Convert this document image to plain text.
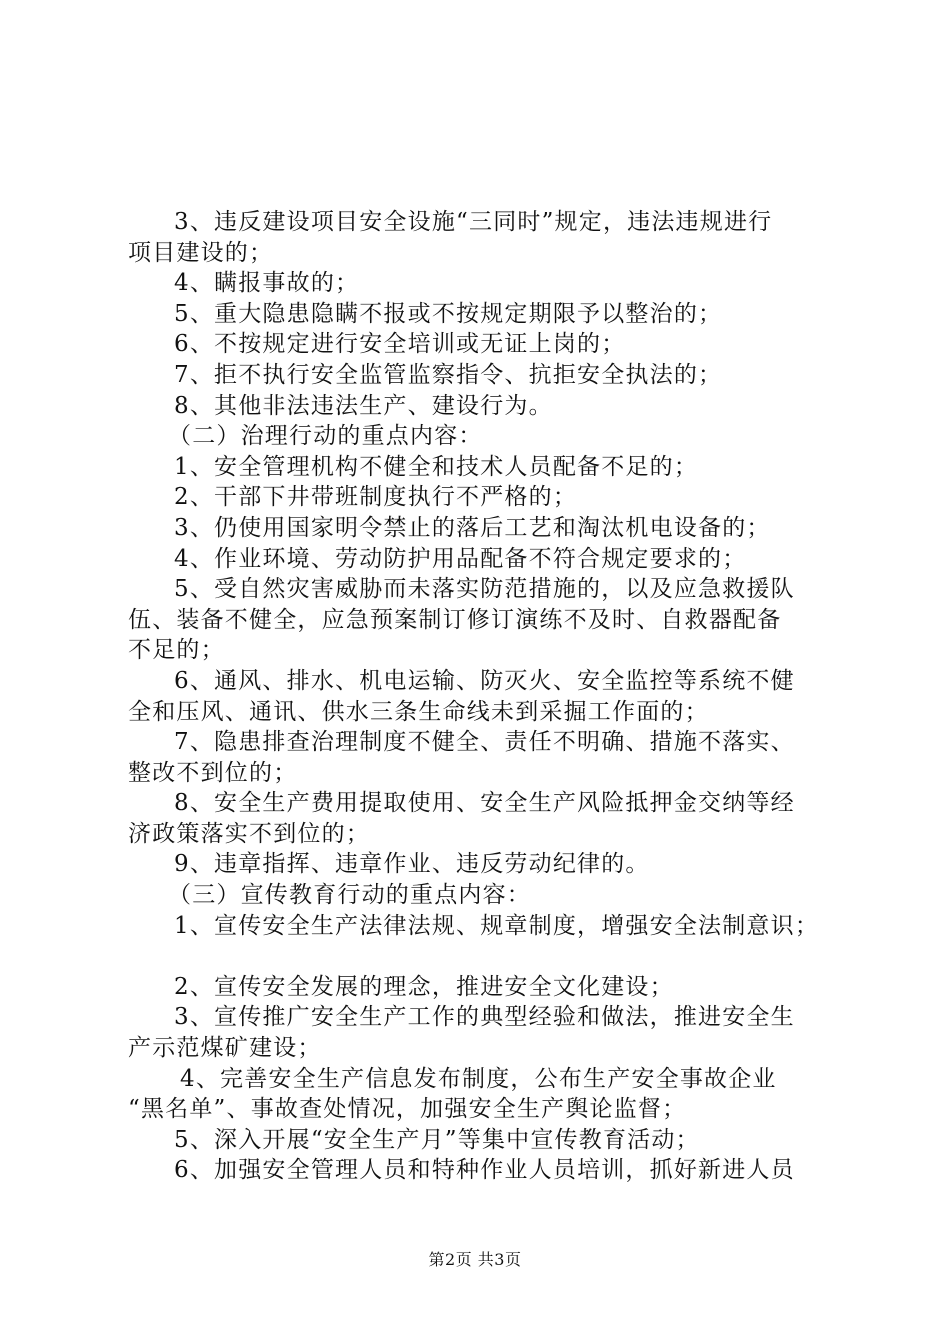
3、违反建设项目安全设施“三同时”规定，违法违规进行
项目建设的；

4、瞒报事故的；

5、重大隐患隐瞒不报或不按规定期限予以整治的；

6、不按规定进行安全培训或无证上岗的；

7、拒不执行安全监管监察指令、抗拒安全执法的；

8、其他非法违法生产、建设行为。

（二）治理行动的重点内容：

1、安全管理机构不健全和技术人员配备不足的；

2、干部下井带班制度执行不严格的；

3、仍使用国家明令禁止的落后工艺和淘汰机电设备的；

4、作业环境、劳动防护用品配备不符合规定要求的；

5、受自然灾害威胁而未落实防范措施的，以及应急救援队
伍、装备不健全，应急预案制订修订演练不及时、自救器配备
不足的；

6、通风、排水、机电运输、防灭火、安全监控等系统不健
全和压风、通讯、供水三条生命线未到采掘工作面的；

7、隐患排查治理制度不健全、责任不明确、措施不落实、
整改不到位的；

8、安全生产费用提取使用、安全生产风险抵押金交纳等经
济政策落实不到位的；

9、违章指挥、违章作业、违反劳动纪律的。

（三）宣传教育行动的重点内容：

1、宣传安全生产法律法规、规章制度，增强安全法制意识；

2、宣传安全发展的理念，推进安全文化建设；

3、宣传推广安全生产工作的典型经验和做法，推进安全生
产示范煤矿建设；

4、完善安全生产信息发布制度，公布生产安全事故企业
“黑名单”、事故查处情况，加强安全生产舆论监督；

5、深入开展“安全生产月”等集中宣传教育活动；

6、加强安全管理人员和特种作业人员培训，抓好新进人员

第2页 共3页
